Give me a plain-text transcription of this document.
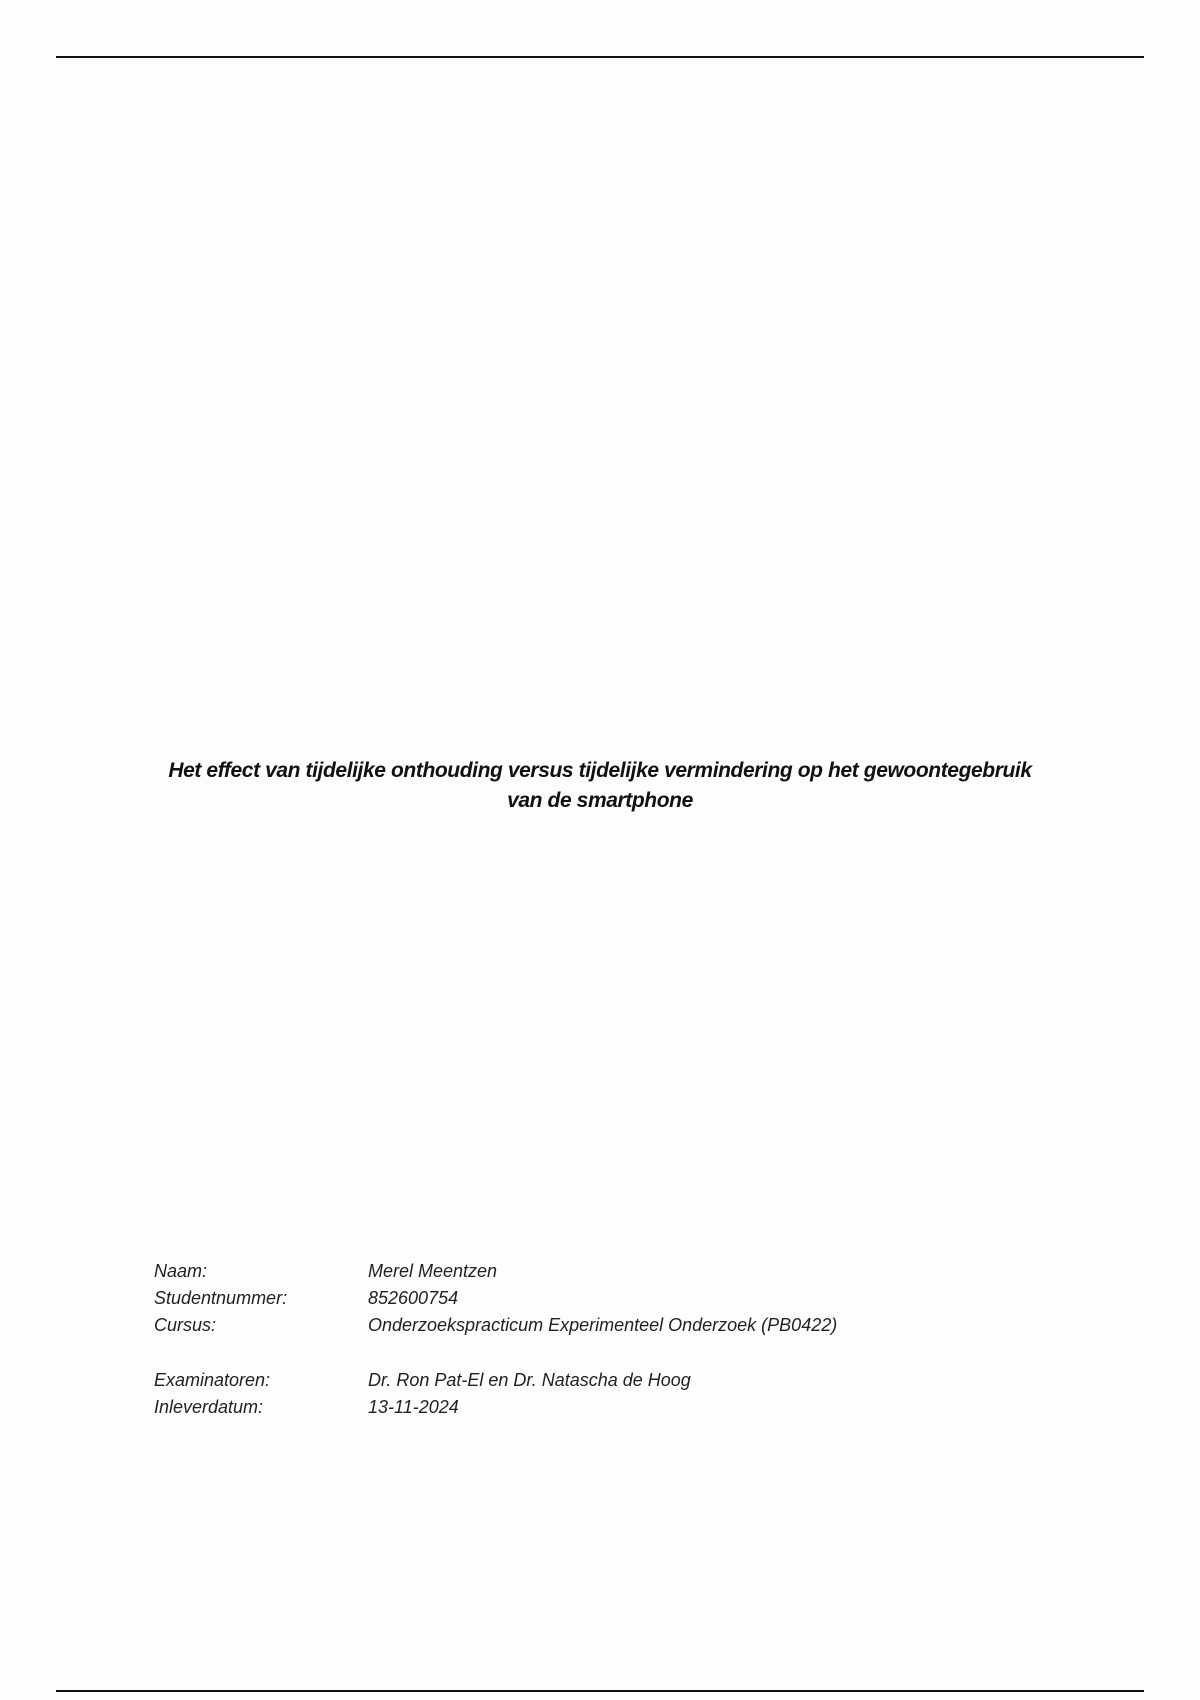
Het effect van tijdelijke onthouding versus tijdelijke vermindering op het gewoontegebruik
van de smartphone
Naam:	Merel Meentzen
Studentnummer:	852600754
Cursus:	Onderzoekspracticum Experimenteel Onderzoek (PB0422)
Examinatoren:	Dr. Ron Pat-El en Dr. Natascha de Hoog
Inleverdatum:	13-11-2024
